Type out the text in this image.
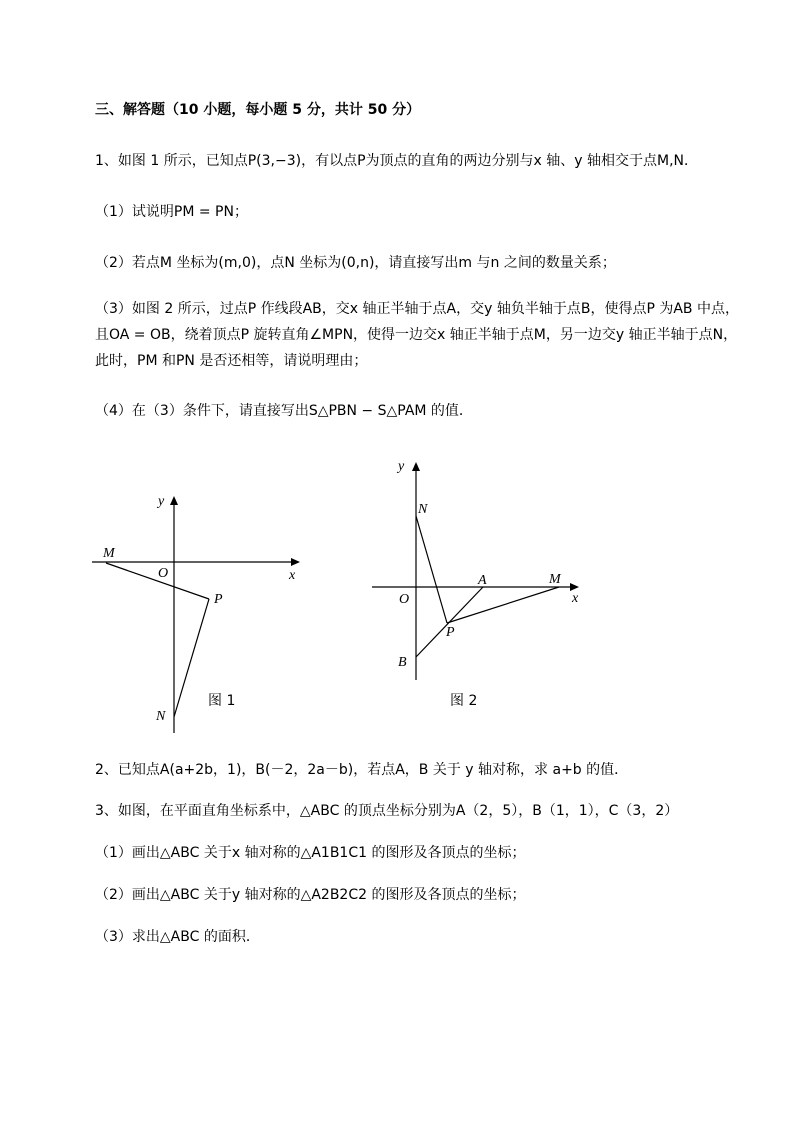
三、解答题（10 小题，每小题 5 分，共计 50 分）
1、如图 1 所示，已知点P(3,−3)，有以点P为顶点的直角的两边分别与x 轴、y 轴相交于点M,N．
（1）试说明PM = PN；
（2）若点M 坐标为(m,0)，点N 坐标为(0,n)，请直接写出m 与n 之间的数量关系；
（3）如图 2 所示，过点P 作线段AB，交x 轴正半轴于点A，交y 轴负半轴于点B，使得点P 为AB 中点，且OA = OB，绕着顶点P 旋转直角∠MPN，使得一边交x 轴正半轴于点M，另一边交y 轴正半轴于点N，此时，PM 和PN 是否还相等，请说明理由；
（4）在（3）条件下，请直接写出S△PBN − S△PAM 的值．
y
x
M
O
P
N
图 1
y
x
N
A	M
O
P
B
图 2
2、已知点A(a+2b，1)，B(－2，2a－b)，若点A，B 关于 y 轴对称，求 a+b 的值．
3、如图，在平面直角坐标系中，△ABC 的顶点坐标分别为A（2，5），B（1，1），C（3，2）
（1）画出△ABC 关于x 轴对称的△A1B1C1 的图形及各顶点的坐标；
（2）画出△ABC 关于y 轴对称的△A2B2C2 的图形及各顶点的坐标；
（3）求出△ABC 的面积．
